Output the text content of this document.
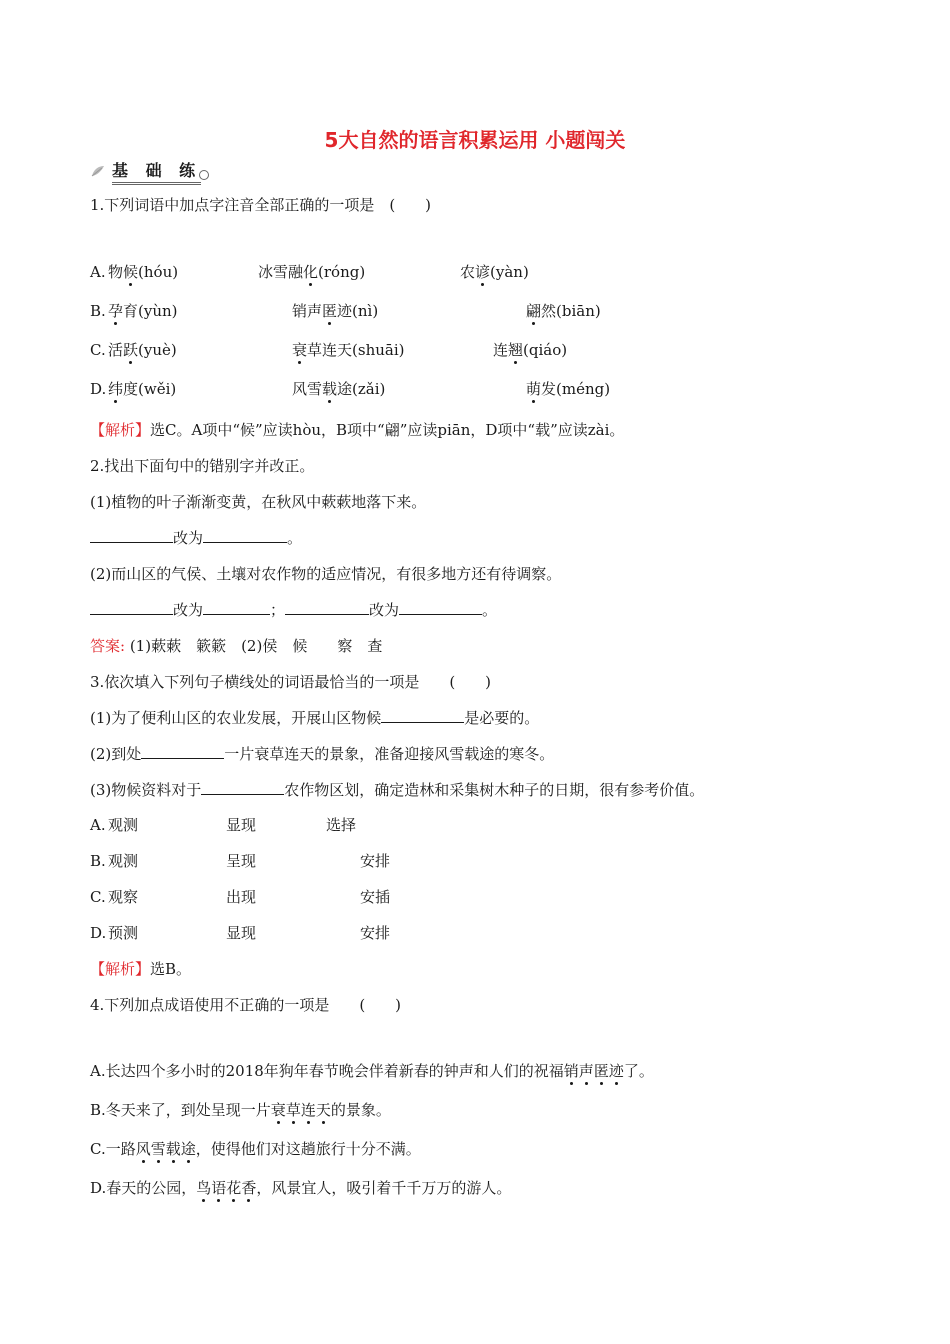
5大自然的语言积累运用 小题闯关
基 础 练
1.下列词语中加点字注音全部正确的一项是　(　　)
A. 物候(hóu)	冰雪融化(róng)	农谚(yàn)
B. 孕育(yùn)	销声匿迹(nì)	翩然(biān)
C. 活跃(yuè)	衰草连天(shuāi)	连翘(qiáo)
D. 纬度(wěi)	风雪载途(zǎi)	萌发(méng)
【解析】选C。A项中“候”应读hòu，B项中“翩”应读piān，D项中“载”应读zài。
2.找出下面句中的错别字并改正。
(1)植物的叶子渐渐变黄，在秋风中蔌蔌地落下来。
改为	。
(2)而山区的气侯、土壤对农作物的适应情况，有很多地方还有待调察。
改为	；	改为	。
答案: (1)蔌蔌　簌簌　(2)侯　候　　察　查
3.依次填入下列句子横线处的词语最恰当的一项是　　(　　)
(1)为了便利山区的农业发展，开展山区物候	是必要的。
(2)到处	一片衰草连天的景象，准备迎接风雪载途的寒冬。
(3)物候资料对于	农作物区划，确定造林和采集树木种子的日期，很有参考价值。
A. 观测	显现	选择
B. 观测	呈现	安排
C. 观察	出现	安插
D. 预测	显现	安排
【解析】选B。
4.下列加点成语使用不正确的一项是　　(　　)
A.长达四个多小时的2018年狗年春节晚会伴着新春的钟声和人们的祝福销声匿迹了。
B.冬天来了，到处呈现一片衰草连天的景象。
C.一路风雪载途，使得他们对这趟旅行十分不满。
D.春天的公园，鸟语花香，风景宜人，吸引着千千万万的游人。
